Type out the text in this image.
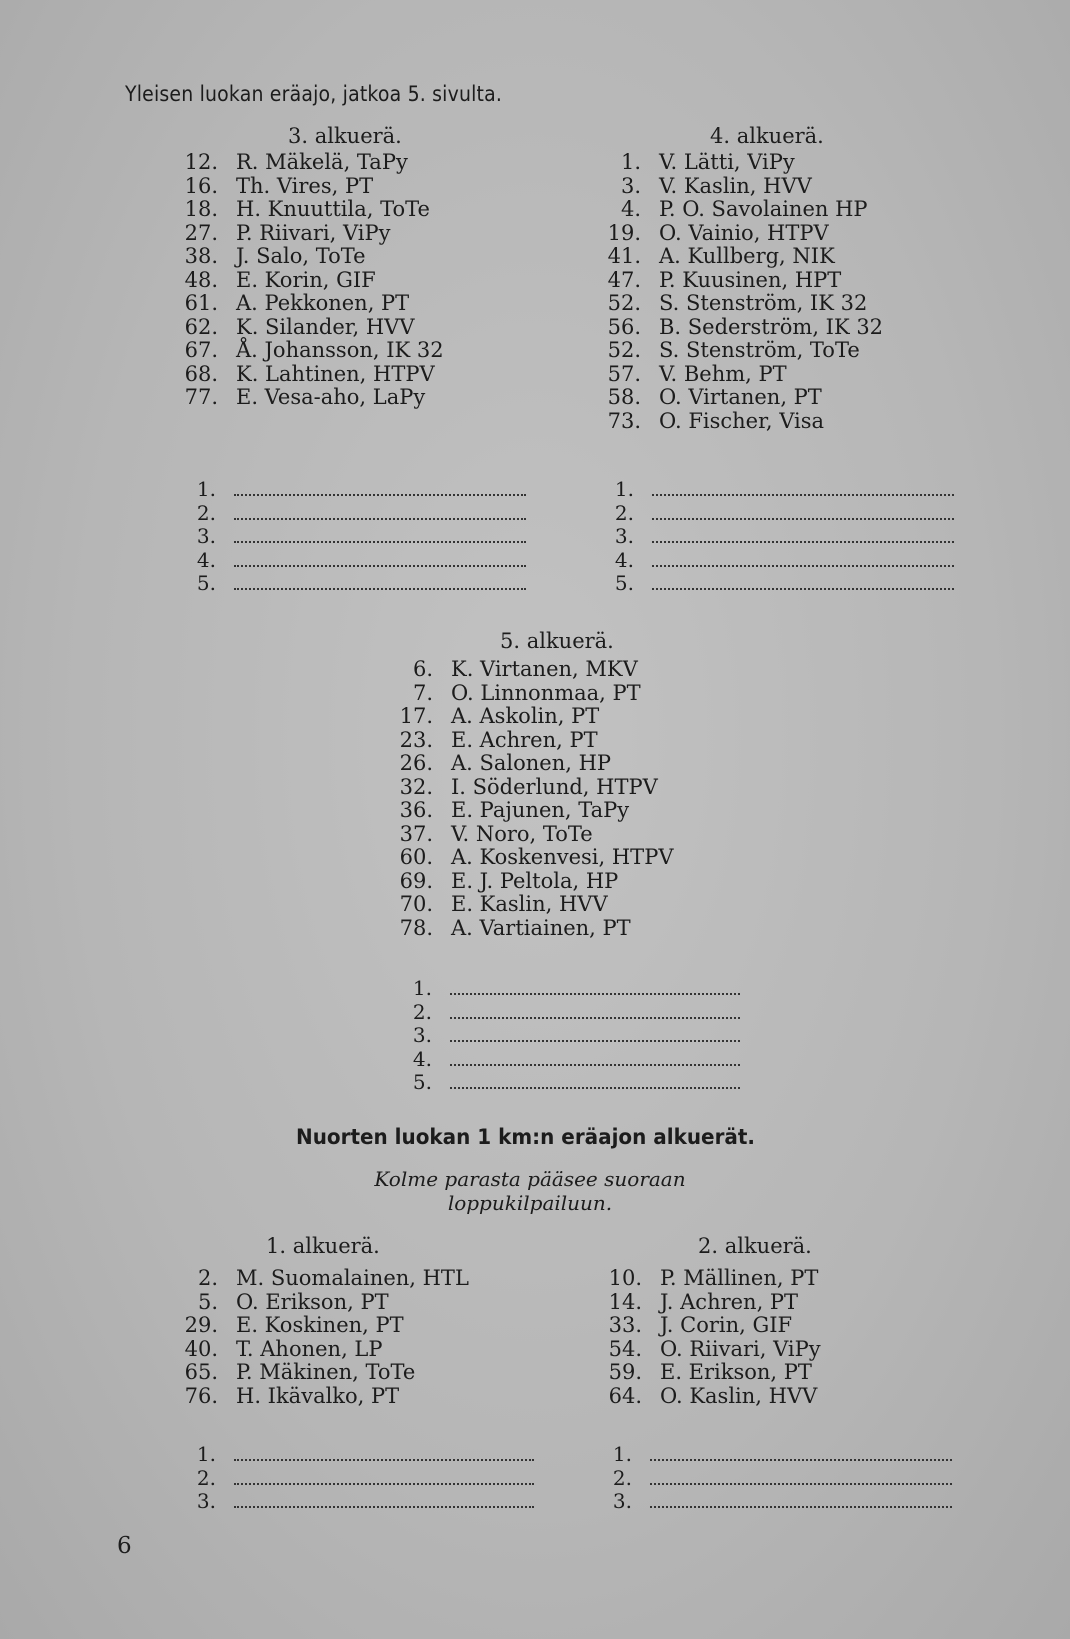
Yleisen luokan eräajo, jatkoa 5. sivulta.
3. alkuerä.
12. R. Mäkelä, TaPy
16. Th. Vires, PT
18. H. Knuuttila, ToTe
27. P. Riivari, ViPy
38. J. Salo, ToTe
48. E. Korin, GIF
61. A. Pekkonen, PT
62. K. Silander, HVV
67. Å. Johansson, IK 32
68. K. Lahtinen, HTPV
77. E. Vesa-aho, LaPy
1.
2.
3.
4.
5.
4. alkuerä.
1. V. Lätti, ViPy
3. V. Kaslin, HVV
4. P. O. Savolainen HP
19. O. Vainio, HTPV
41. A. Kullberg, NIK
47. P. Kuusinen, HPT
52. S. Stenström, IK 32
56. B. Sederström, IK 32
52. S. Stenström, ToTe
57. V. Behm, PT
58. O. Virtanen, PT
73. O. Fischer, Visa
1.
2.
3.
4.
5.
5. alkuerä.
6. K. Virtanen, MKV
7. O. Linnonmaa, PT
17. A. Askolin, PT
23. E. Achren, PT
26. A. Salonen, HP
32. I. Söderlund, HTPV
36. E. Pajunen, TaPy
37. V. Noro, ToTe
60. A. Koskenvesi, HTPV
69. E. J. Peltola, HP
70. E. Kaslin, HVV
78. A. Vartiainen, PT
1.
2.
3.
4.
5.
Nuorten luokan 1 km:n eräajon alkuerät.
Kolme parasta pääsee suoraan
loppukilpailuun.
1. alkuerä.
2. M. Suomalainen, HTL
5. O. Erikson, PT
29. E. Koskinen, PT
40. T. Ahonen, LP
65. P. Mäkinen, ToTe
76. H. Ikävalko, PT
1.
2.
3.
2. alkuerä.
10. P. Mällinen, PT
14. J. Achren, PT
33. J. Corin, GIF
54. O. Riivari, ViPy
59. E. Erikson, PT
64. O. Kaslin, HVV
1.
2.
3.
6
